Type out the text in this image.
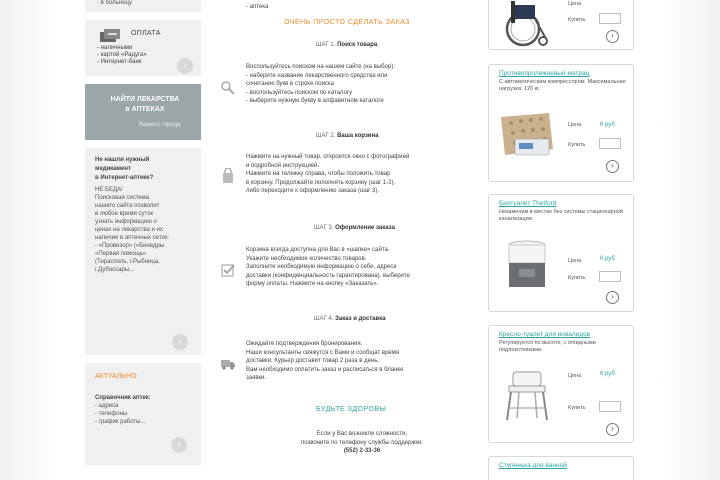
· в больницу
ОПЛАТА
- наличными
- картой «Радуга»
- Интернет-банк	›
НАЙТИ ЛЕКАРСТВА
в АПТЕКАХ
Вашего города
Не нашли нужный
медикамент
в Интернет-аптеке?
НЕ БЕДА!
Поисковая система
нашего сайта позволит
в любое время суток
узнать информацию о
ценах на лекарства и их
наличии в аптечных сетях:
- «Провизор» («Бинедры
«Первая помощь»
(Тирасполь, г.Рыбница,
г.Дубоссары...
АКТУАЛЬНО
Справочник аптек:
- адреса
- телефоны
- график работы...
›
›
- аптека
ОЧЕНЬ ПРОСТО СДЕЛАТЬ ЗАКАЗ
ШАГ 1. Поиск товара
Воспользуйтесь поиском на нашем сайте (на выбор):
- наберите название лекарственного средства или
сочетание букв в строке поиска
- воспользуйтесь поиском по каталогу
- выберите нужную букву в алфавитном каталоге
ШАГ 2. Ваша корзина
Нажмите на нужный товар, откроется окно с фотографией
и подробной инструкцией.
Нажмите на тележку справа, чтобы положить товар
в корзину. Продолжайте пополнять корзину (шаг 1-2),
либо переходите к оформлению заказа (шаг 3).
ШАГ 3. Оформление заказа
Корзина всегда доступна для Вас в «шапке» сайта.
Укажите необходимое количество товаров.
Заполните необходимую информацию о себе, адресе
доставки (конфиденциальность гарантирована), выберите
форму оплаты. Нажмите на кнопку «Заказать».
ШАГ 4. Заказ и доставка
Ожидайте подтверждения бронирования.
Наши консультанты свяжутся с Вами и сообщат время
доставки. Курьер доставит товар 2 раза в день.
Вам необходимо оплатить заказ и расписаться в бланке
заявки.
БУДЬТЕ ЗДОРОВЫ
Если у Вас возникли сложности,
позвоните по телефону службы поддержки:
(552) 2-33-36
Цена
Купить
›
Противопролежневый матрац
С автоматическим компрессором. Максимальная нагрузка: 120 кг.
Цена	6 руб
Купить
›
Биотуалет Thetford
Незаменим в местах без системы стационарной канализации.
Цена	6 руб
Купить
›
Кресло-туалет для инвалидов
Регулируется по высоте, с откидными подлокотниками.
Цена	6 руб
Купить
›
Ступенька для ванной
